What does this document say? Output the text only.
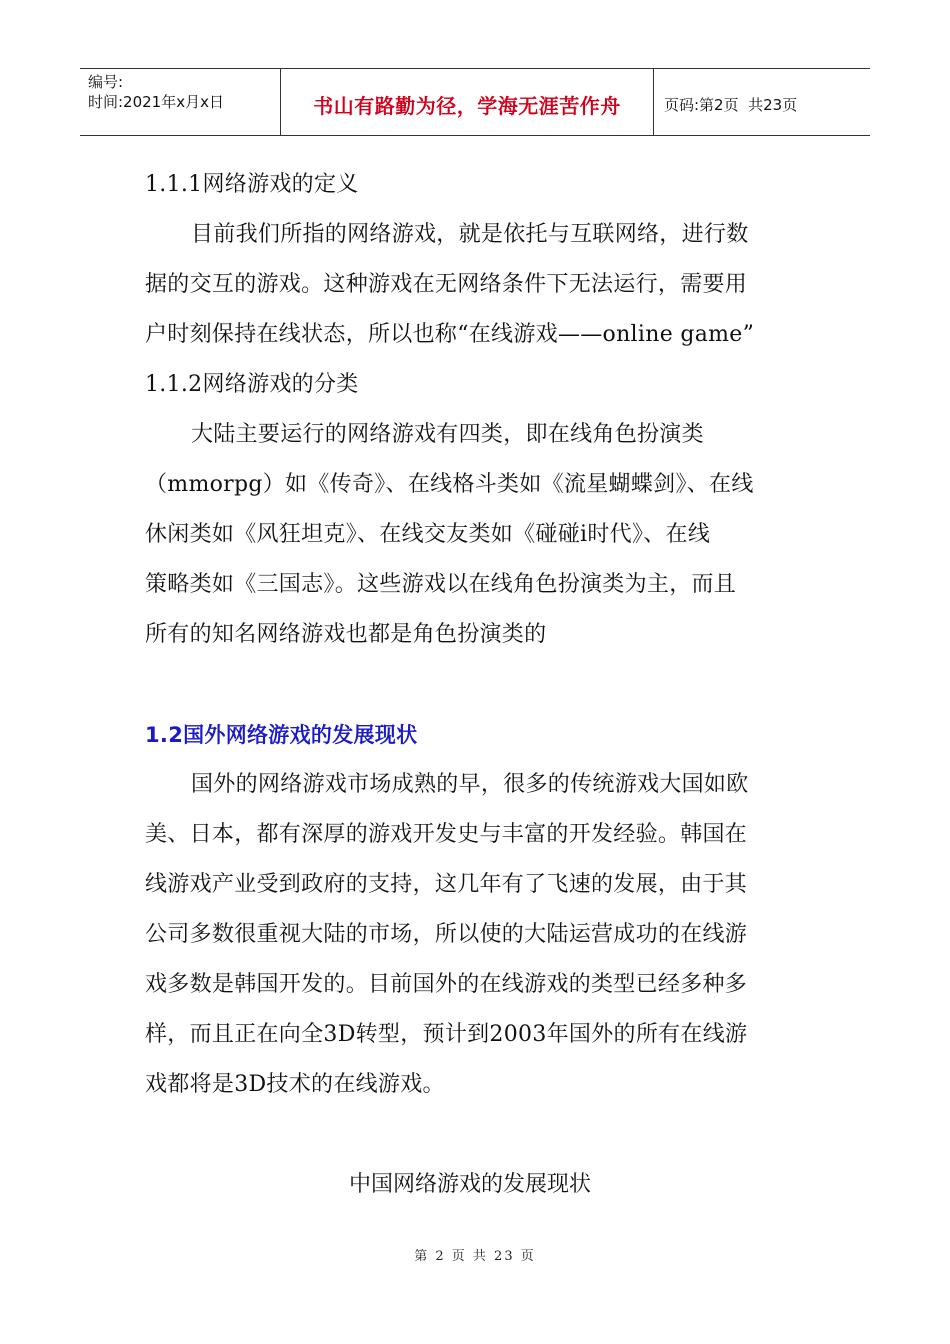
编号:
时间:2021年x月x日	书山有路勤为径，学海无涯苦作舟	页码:第2页  共23页
1.1.1网络游戏的定义
目前我们所指的网络游戏，就是依托与互联网络，进行数
据的交互的游戏。这种游戏在无网络条件下无法运行，需要用
户时刻保持在线状态，所以也称“在线游戏——online game”
1.1.2网络游戏的分类
大陆主要运行的网络游戏有四类，即在线角色扮演类
（mmorpg）如《传奇》、在线格斗类如《流星蝴蝶剑》、在线
休闲类如《风狂坦克》、在线交友类如《碰碰i时代》、在线
策略类如《三国志》。这些游戏以在线角色扮演类为主，而且
所有的知名网络游戏也都是角色扮演类的
1.2国外网络游戏的发展现状
国外的网络游戏市场成熟的早，很多的传统游戏大国如欧
美、日本，都有深厚的游戏开发史与丰富的开发经验。韩国在
线游戏产业受到政府的支持，这几年有了飞速的发展，由于其
公司多数很重视大陆的市场，所以使的大陆运营成功的在线游
戏多数是韩国开发的。目前国外的在线游戏的类型已经多种多
样，而且正在向全3D转型，预计到2003年国外的所有在线游
戏都将是3D技术的在线游戏。
中国网络游戏的发展现状
第 2 页 共 23 页
